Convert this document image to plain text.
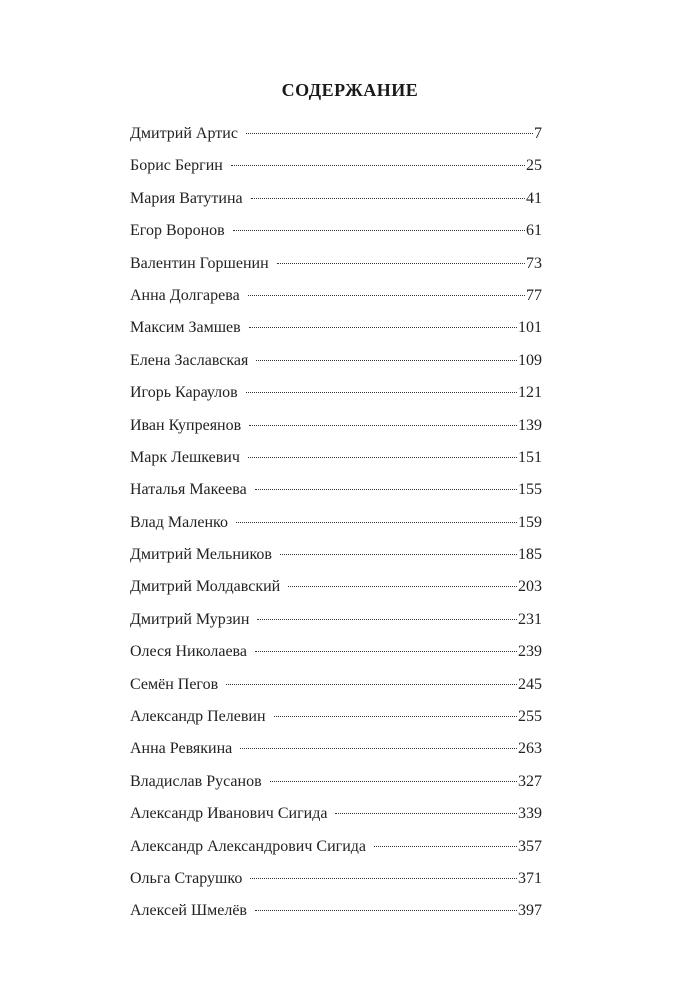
СОДЕРЖАНИЕ
Дмитрий Артис	7
Борис Бергин	25
Мария Ватутина	41
Егор Воронов	61
Валентин Горшенин	73
Анна Долгарева	77
Максим Замшев	101
Елена Заславская	109
Игорь Караулов	121
Иван Купреянов	139
Марк Лешкевич	151
Наталья Макеева	155
Влад Маленко	159
Дмитрий Мельников	185
Дмитрий Молдавский	203
Дмитрий Мурзин	231
Олеся Николаева	239
Семён Пегов	245
Александр Пелевин	255
Анна Ревякина	263
Владислав Русанов	327
Александр Иванович Сигида	339
Александр Александрович Сигида	357
Ольга Старушко	371
Алексей Шмелёв	397
